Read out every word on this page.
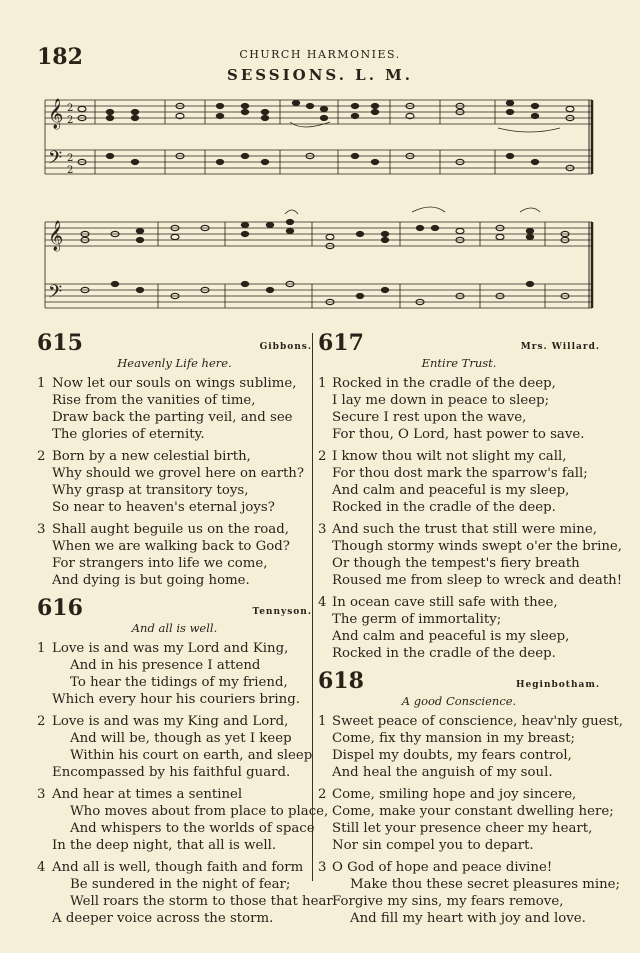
182	CHURCH HARMONIES.
SESSIONS. L. M.
𝄞
𝄢
2
2
2
2
𝄞
𝄢
615	Gibbons.
Heavenly Life here.
1 Now let our souls on wings sublime,
Rise from the vanities of time,
Draw back the parting veil, and see
The glories of eternity.
2 Born by a new celestial birth,
Why should we grovel here on earth?
Why grasp at transitory toys,
So near to heaven's eternal joys?
3 Shall aught beguile us on the road,
When we are walking back to God?
For strangers into life we come,
And dying is but going home.
616	Tennyson.
And all is well.
1 Love is and was my Lord and King,
And in his presence I attend
To hear the tidings of my friend,
Which every hour his couriers bring.
2 Love is and was my King and Lord,
And will be, though as yet I keep
Within his court on earth, and sleep
Encompassed by his faithful guard.
3 And hear at times a sentinel
Who moves about from place to place,
And whispers to the worlds of space
In the deep night, that all is well.
4 And all is well, though faith and form
Be sundered in the night of fear;
Well roars the storm to those that hear
A deeper voice across the storm.
617	Mrs. Willard.
Entire Trust.
1 Rocked in the cradle of the deep,
I lay me down in peace to sleep;
Secure I rest upon the wave,
For thou, O Lord, hast power to save.
2 I know thou wilt not slight my call,
For thou dost mark the sparrow's fall;
And calm and peaceful is my sleep,
Rocked in the cradle of the deep.
3 And such the trust that still were mine,
Though stormy winds swept o'er the brine,
Or though the tempest's fiery breath
Roused me from sleep to wreck and death!
4 In ocean cave still safe with thee,
The germ of immortality;
And calm and peaceful is my sleep,
Rocked in the cradle of the deep.
618	Heginbotham.
A good Conscience.
1 Sweet peace of conscience, heav'nly guest,
Come, fix thy mansion in my breast;
Dispel my doubts, my fears control,
And heal the anguish of my soul.
2 Come, smiling hope and joy sincere,
Come, make your constant dwelling here;
Still let your presence cheer my heart,
Nor sin compel you to depart.
3 O God of hope and peace divine!
Make thou these secret pleasures mine;
Forgive my sins, my fears remove,
And fill my heart with joy and love.
